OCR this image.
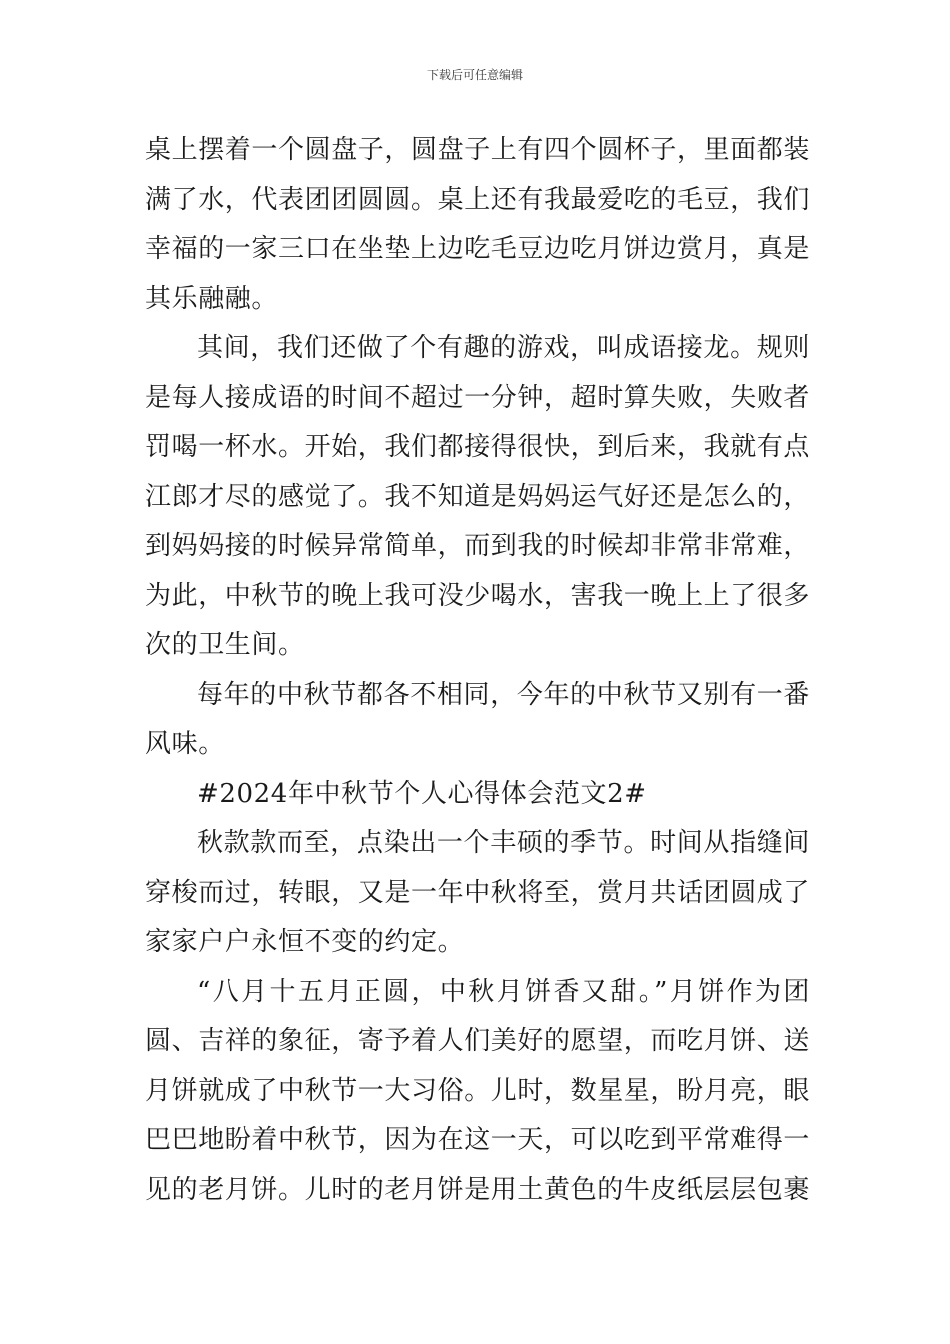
下载后可任意编辑

桌上摆着一个圆盘子，圆盘子上有四个圆杯子，里面都装满了水，代表团团圆圆。桌上还有我最爱吃的毛豆，我们幸福的一家三口在坐垫上边吃毛豆边吃月饼边赏月，真是其乐融融。

其间，我们还做了个有趣的游戏，叫成语接龙。规则是每人接成语的时间不超过一分钟，超时算失败，失败者罚喝一杯水。开始，我们都接得很快，到后来，我就有点江郎才尽的感觉了。我不知道是妈妈运气好还是怎么的，到妈妈接的时候异常简单，而到我的时候却非常非常难，为此，中秋节的晚上我可没少喝水，害我一晚上上了很多次的卫生间。

每年的中秋节都各不相同，今年的中秋节又别有一番风味。

#2024年中秋节个人心得体会范文2#

秋款款而至，点染出一个丰硕的季节。时间从指缝间穿梭而过，转眼，又是一年中秋将至，赏月共话团圆成了家家户户永恒不变的约定。

“八月十五月正圆，中秋月饼香又甜。”月饼作为团圆、吉祥的象征，寄予着人们美好的愿望，而吃月饼、送月饼就成了中秋节一大习俗。儿时，数星星，盼月亮，眼巴巴地盼着中秋节，因为在这一天，可以吃到平常难得一见的老月饼。儿时的老月饼是用土黄色的牛皮纸层层包裹
